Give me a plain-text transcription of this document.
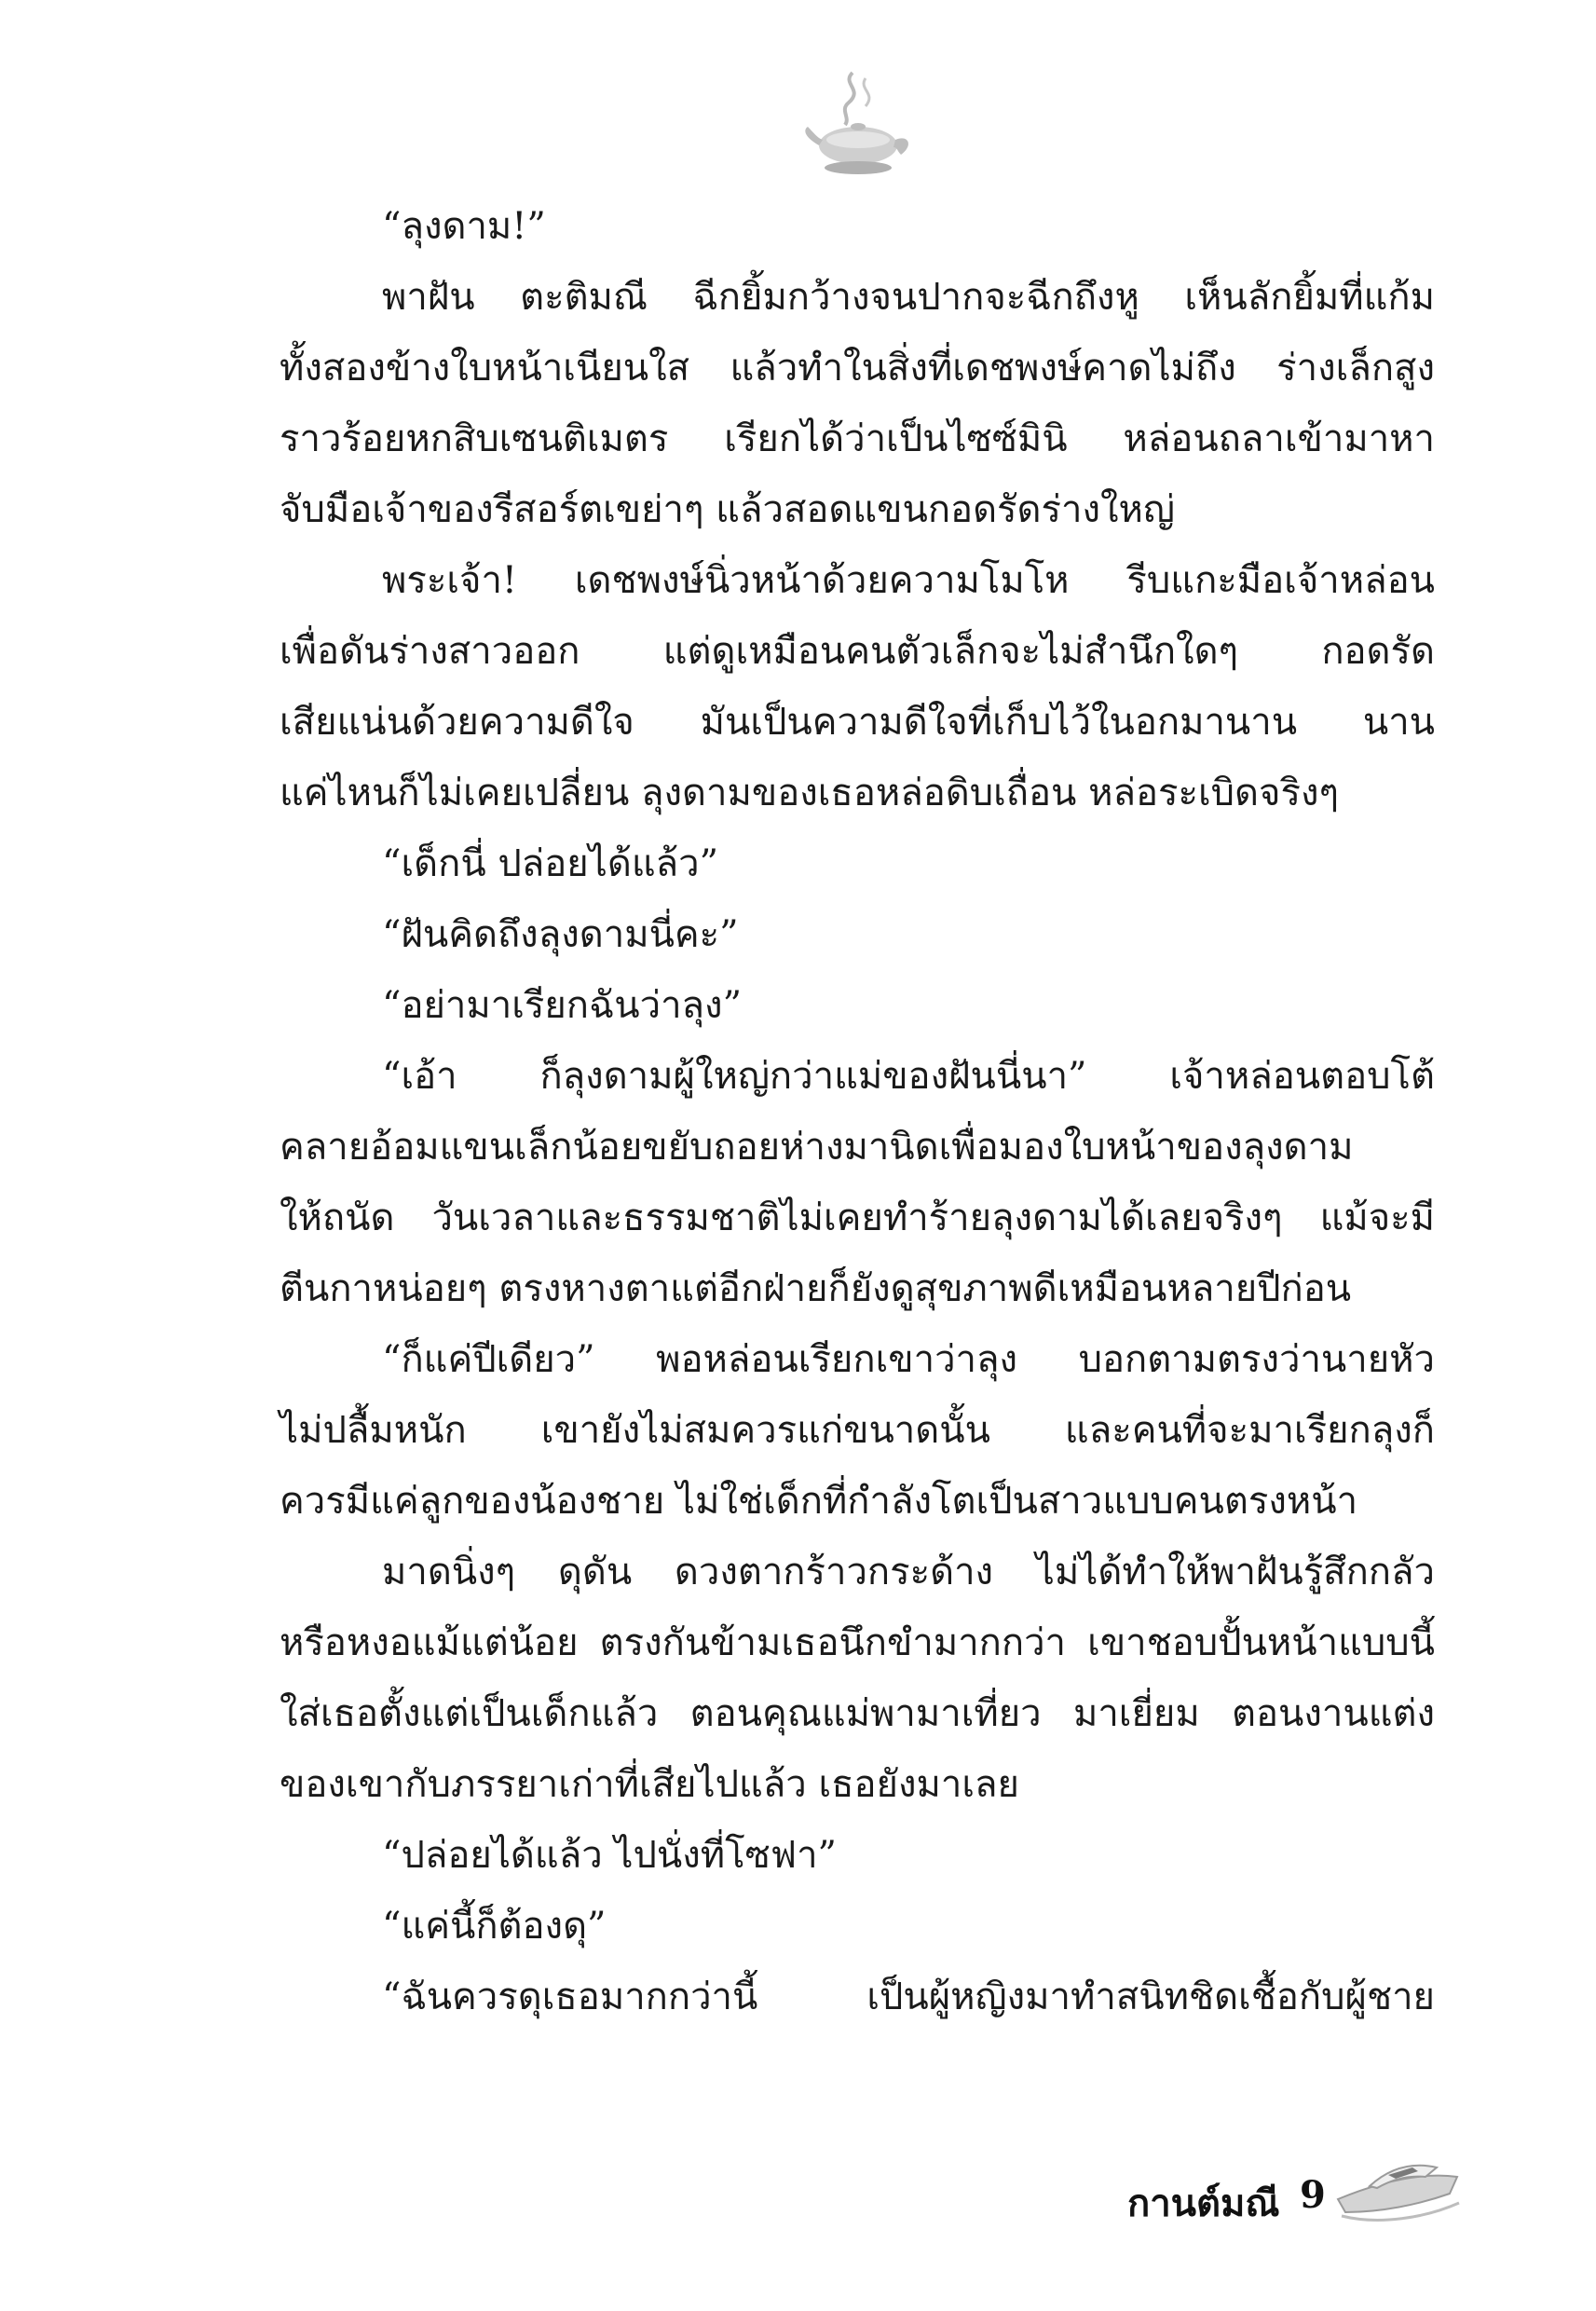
“ลุงดาม!”
พาฝัน ตะติมณี ฉีกยิ้มกว้างจนปากจะฉีกถึงหู เห็นลักยิ้มที่แก้ม
ทั้งสองข้างใบหน้าเนียนใส แล้วทำในสิ่งที่เดชพงษ์คาดไม่ถึง ร่างเล็กสูง
ราวร้อยหกสิบเซนติเมตร เรียกได้ว่าเป็นไซซ์มินิ หล่อนถลาเข้ามาหา
จับมือเจ้าของรีสอร์ตเขย่าๆ แล้วสอดแขนกอดรัดร่างใหญ่
พระเจ้า! เดชพงษ์นิ่วหน้าด้วยความโมโห รีบแกะมือเจ้าหล่อน
เพื่อดันร่างสาวออก แต่ดูเหมือนคนตัวเล็กจะไม่สำนึกใดๆ กอดรัด
เสียแน่นด้วยความดีใจ มันเป็นความดีใจที่เก็บไว้ในอกมานาน นาน
แค่ไหนก็ไม่เคยเปลี่ยน ลุงดามของเธอหล่อดิบเถื่อน หล่อระเบิดจริงๆ
“เด็กนี่ ปล่อยได้แล้ว”
“ฝันคิดถึงลุงดามนี่คะ”
“อย่ามาเรียกฉันว่าลุง”
“เอ้า ก็ลุงดามผู้ใหญ่กว่าแม่ของฝันนี่นา” เจ้าหล่อนตอบโต้
คลายอ้อมแขนเล็กน้อยขยับถอยห่างมานิดเพื่อมองใบหน้าของลุงดาม
ให้ถนัด วันเวลาและธรรมชาติไม่เคยทำร้ายลุงดามได้เลยจริงๆ แม้จะมี
ตีนกาหน่อยๆ ตรงหางตาแต่อีกฝ่ายก็ยังดูสุขภาพดีเหมือนหลายปีก่อน
“ก็แค่ปีเดียว” พอหล่อนเรียกเขาว่าลุง บอกตามตรงว่านายหัว
ไม่ปลื้มหนัก เขายังไม่สมควรแก่ขนาดนั้น และคนที่จะมาเรียกลุงก็
ควรมีแค่ลูกของน้องชาย ไม่ใช่เด็กที่กำลังโตเป็นสาวแบบคนตรงหน้า
มาดนิ่งๆ ดุดัน ดวงตากร้าวกระด้าง ไม่ได้ทำให้พาฝันรู้สึกกลัว
หรือหงอแม้แต่น้อย ตรงกันข้ามเธอนึกขำมากกว่า เขาชอบปั้นหน้าแบบนี้
ใส่เธอตั้งแต่เป็นเด็กแล้ว ตอนคุณแม่พามาเที่ยว มาเยี่ยม ตอนงานแต่ง
ของเขากับภรรยาเก่าที่เสียไปแล้ว เธอยังมาเลย
“ปล่อยได้แล้ว ไปนั่งที่โซฟา”
“แค่นี้ก็ต้องดุ”
“ฉันควรดุเธอมากกว่านี้ เป็นผู้หญิงมาทำสนิทชิดเชื้อกับผู้ชาย
กานต์มณี 9
